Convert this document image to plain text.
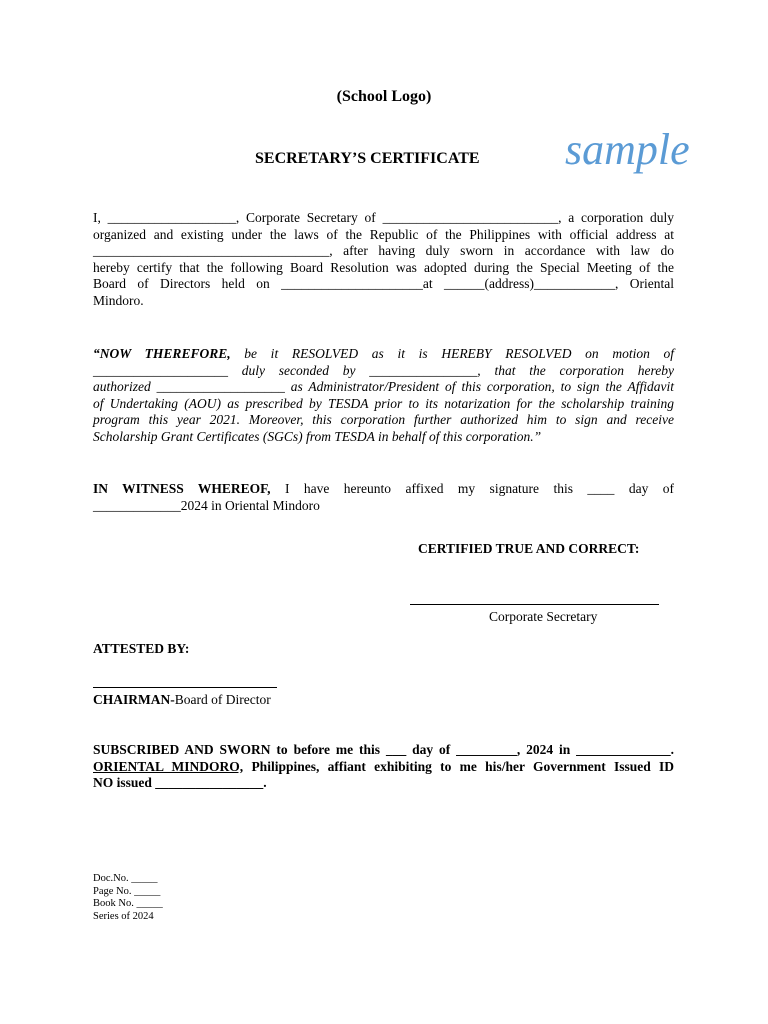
(School Logo)
SECRETARY’S CERTIFICATE sample
I, ___________________, Corporate Secretary of __________________________, a corporation duly
organized and existing under the laws of the Republic of the Philippines with official address at
___________________________________, after having duly sworn in accordance with law do
hereby certify that the following Board Resolution was adopted during the Special Meeting of the
Board of Directors held on _____________________at ______(address)____________, Oriental
Mindoro.
“NOW THEREFORE, be it RESOLVED as it is HEREBY RESOLVED on motion of
____________________ duly seconded by ________________, that the corporation hereby
authorized ___________________ as Administrator/President of this corporation, to sign the Affidavit
of Undertaking (AOU) as prescribed by TESDA prior to its notarization for the scholarship training
program this year 2021. Moreover, this corporation further authorized him to sign and receive
Scholarship Grant Certificates (SGCs) from TESDA in behalf of this corporation.”
IN WITNESS WHEREOF, I have hereunto affixed my signature this ____ day of
_____________2024 in Oriental Mindoro
CERTIFIED TRUE AND CORRECT:
Corporate Secretary
ATTESTED BY:
CHAIRMAN-Board of Director
SUBSCRIBED AND SWORN to before me this ___ day of _________, 2024 in ______________.
ORIENTAL MINDORO, Philippines, affiant exhibiting to me his/her Government Issued ID
NO issued ________________.
Doc.No. _____
Page No. _____
Book No. _____
Series of 2024
